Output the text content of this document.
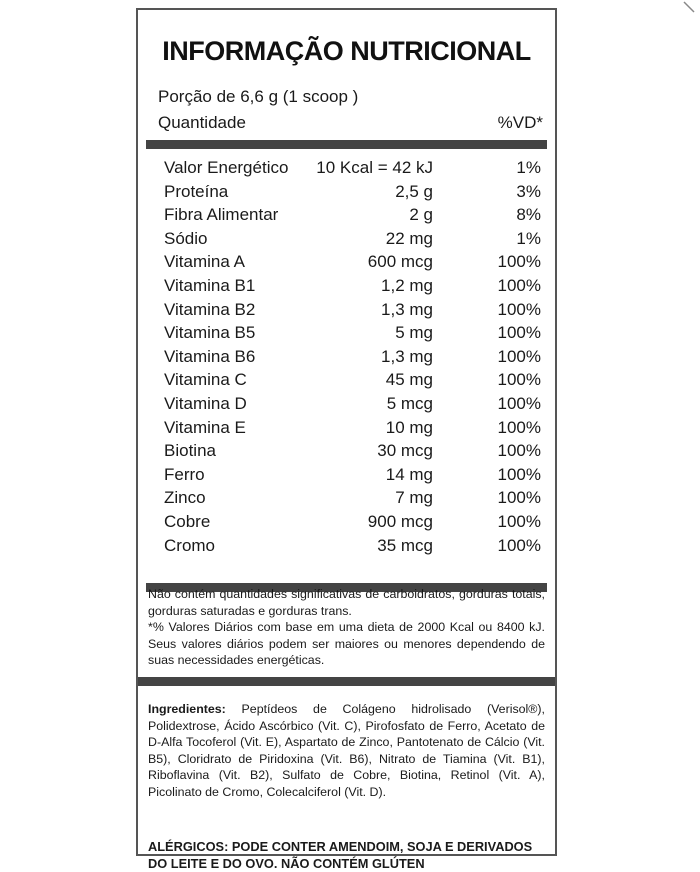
INFORMAÇÃO NUTRICIONAL
Porção de 6,6 g (1 scoop )
Quantidade	%VD*
Valor Energético 10 Kcal = 42 kJ	1%
Proteína	2,5 g	3%
Fibra Alimentar	2 g	8%
Sódio	22 mg	1%
Vitamina A	600 mcg	100%
Vitamina B1	1,2 mg	100%
Vitamina B2	1,3 mg	100%
Vitamina B5	5 mg	100%
Vitamina B6	1,3 mg	100%
Vitamina C	45 mg	100%
Vitamina D	5 mcg	100%
Vitamina E	10 mg	100%
Biotina	30 mcg	100%
Ferro	14 mg	100%
Zinco	7 mg	100%
Cobre	900 mcg	100%
Cromo	35 mcg	100%

Não contém quantidades significativas de carboidratos, gorduras totais, gorduras saturadas e gorduras trans.

*% Valores Diários com base em uma dieta de 2000 Kcal ou 8400 kJ. Seus valores diários podem ser maiores ou menores dependendo de suas necessidades energéticas.

Ingredientes: Peptídeos de Colágeno hidrolisado (Verisol®), Polidextrose, Ácido Ascórbico (Vit. C), Pirofosfato de Ferro, Acetato de D-Alfa Tocoferol (Vit. E), Aspartato de Zinco, Pantotenato de Cálcio (Vit. B5), Cloridrato de Piridoxina (Vit. B6), Nitrato de Tiamina (Vit. B1), Riboflavina (Vit. B2), Sulfato de Cobre, Biotina, Retinol (Vit. A), Picolinato de Cromo, Colecalciferol (Vit. D).
ALÉRGICOS: PODE CONTER AMENDOIM, SOJA E DERIVADOS DO LEITE E DO OVO. NÃO CONTÉM GLÚTEN
